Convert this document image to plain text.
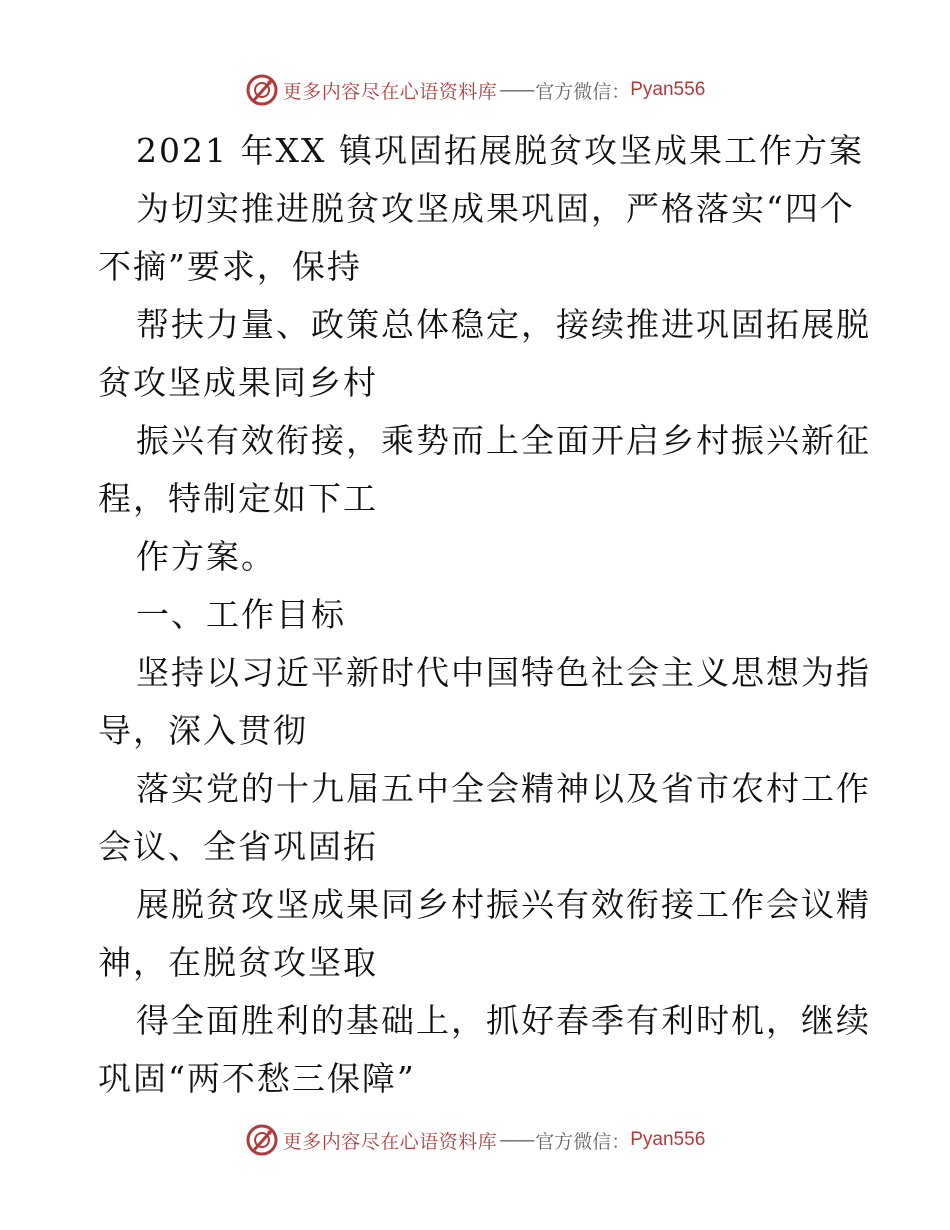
更多内容尽在心语资料库 —— 官方微信： Pyan556
2021 年XX 镇巩固拓展脱贫攻坚成果工作方案
为切实推进脱贫攻坚成果巩固，严格落实“四个
不摘”要求，保持
帮扶力量、政策总体稳定，接续推进巩固拓展脱
贫攻坚成果同乡村
振兴有效衔接，乘势而上全面开启乡村振兴新征
程，特制定如下工
作方案。
一、工作目标
坚持以习近平新时代中国特色社会主义思想为指
导，深入贯彻
落实党的十九届五中全会精神以及省市农村工作
会议、全省巩固拓
展脱贫攻坚成果同乡村振兴有效衔接工作会议精
神，在脱贫攻坚取
得全面胜利的基础上，抓好春季有利时机，继续
巩固“两不愁三保障”
更多内容尽在心语资料库 —— 官方微信： Pyan556
